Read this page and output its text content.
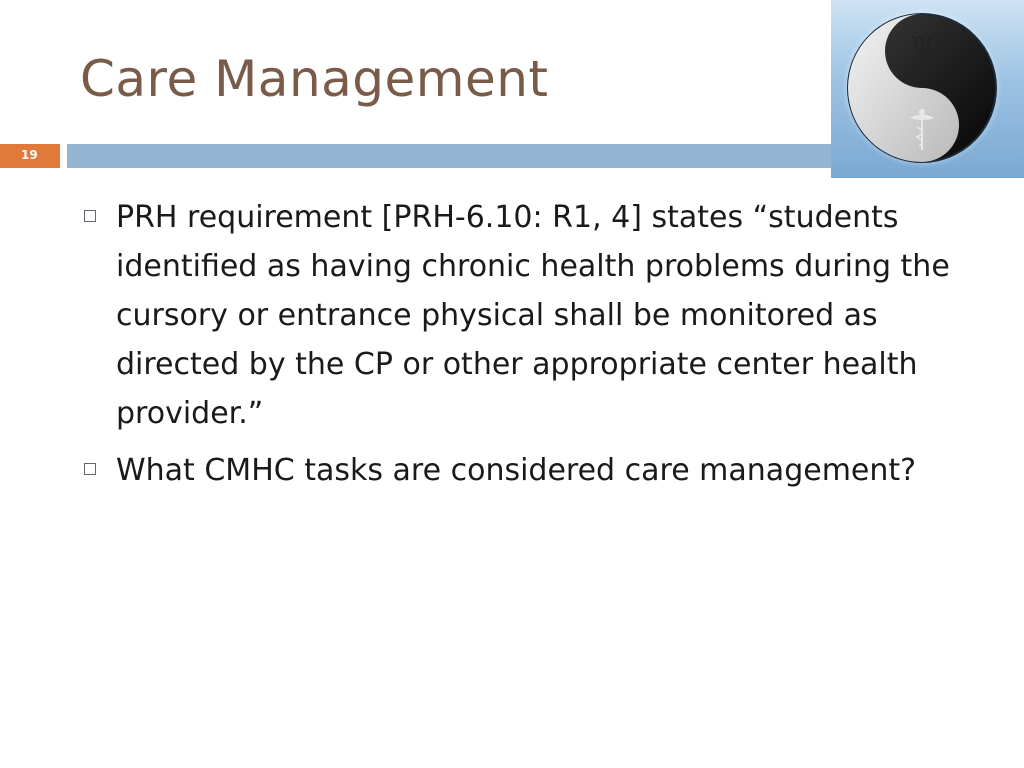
Care Management
19
Ψ
PRH requirement [PRH-6.10: R1, 4] states “students identified as having chronic health problems during the cursory or entrance physical shall be monitored as directed by the CP or other appropriate center health provider.”
What CMHC tasks are considered care management?
